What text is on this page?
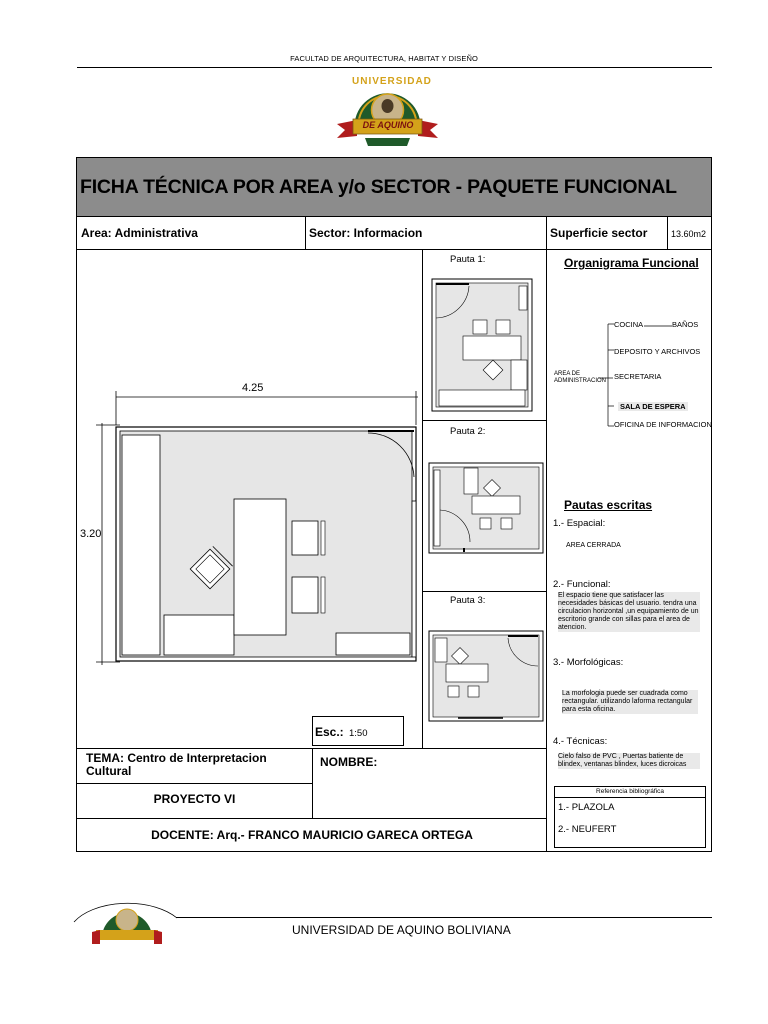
FACULTAD DE ARQUITECTURA, HABITAT Y DISEÑO
UNIVERSIDAD
DE AQUINO
FICHA TÉCNICA POR AREA y/o SECTOR - PAQUETE FUNCIONAL
Area: Administrativa	Sector: Informacion	Superficie sector	13.60m2
4.25
3.20
Esc.: 1:50
Pauta 1:
Pauta 2:
Pauta 3:
Organigrama Funcional
AREA DE ADMINISTRACION
COCINA	BAÑOS
DEPOSITO Y ARCHIVOS
SECRETARIA
SALA DE ESPERA
OFICINA DE INFORMACION
Pautas escritas
1.- Espacial:
AREA CERRADA
2.- Funcional:
El espacio tiene que satisfacer las necesidades básicas del usuario. tendra una circulacion horizontal ,un equipamiento de un escritorio grande con sillas para el area de atencion.
3.- Morfológicas:
La morfologia puede ser cuadrada como rectangular. utilizando laforma rectangular para esta oficina.
4.- Técnicas:
Cielo falso de PVC , Puertas batiente de blindex, ventanas blindex, luces dicroicas
Referencia bibliográfica
1.- PLAZOLA
2.- NEUFERT
TEMA: Centro de Interpretacion Cultural
NOMBRE:
PROYECTO VI
DOCENTE: Arq.- FRANCO MAURICIO GARECA ORTEGA
UNIVERSIDAD DE AQUINO BOLIVIANA
